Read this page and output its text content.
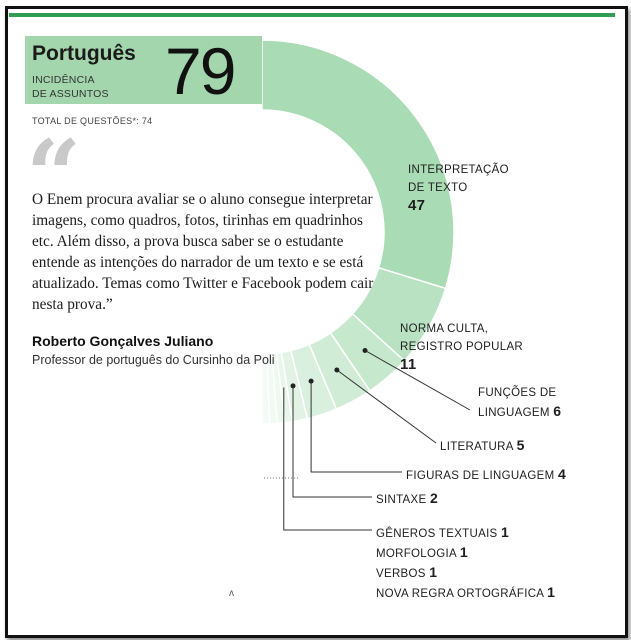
Português
INCIDÊNCIA
DE ASSUNTOS 79
TOTAL DE QUESTÕES*: 74
“
O Enem procura avaliar se o aluno consegue interpretar imagens, como quadros, fotos, tirinhas em quadrinhos etc. Além disso, a prova busca saber se o estudante entende as intenções do narrador de um texto e se está atualizado. Temas como Twitter e Facebook podem cair nesta prova.”
Roberto Gonçalves Juliano
Professor de português do Cursinho da Poli
INTERPRETAÇÃO
DE TEXTO
47
NORMA CULTA,
REGISTRO POPULAR
11
FUNÇÕES DE
LINGUAGEM 6
LITERATURA 5
FIGURAS DE LINGUAGEM 4
SINTAXE 2
GÊNEROS TEXTUAIS 1
MORFOLOGIA 1
VERBOS 1
NOVA REGRA ORTOGRÁFICA 1
ʌ
